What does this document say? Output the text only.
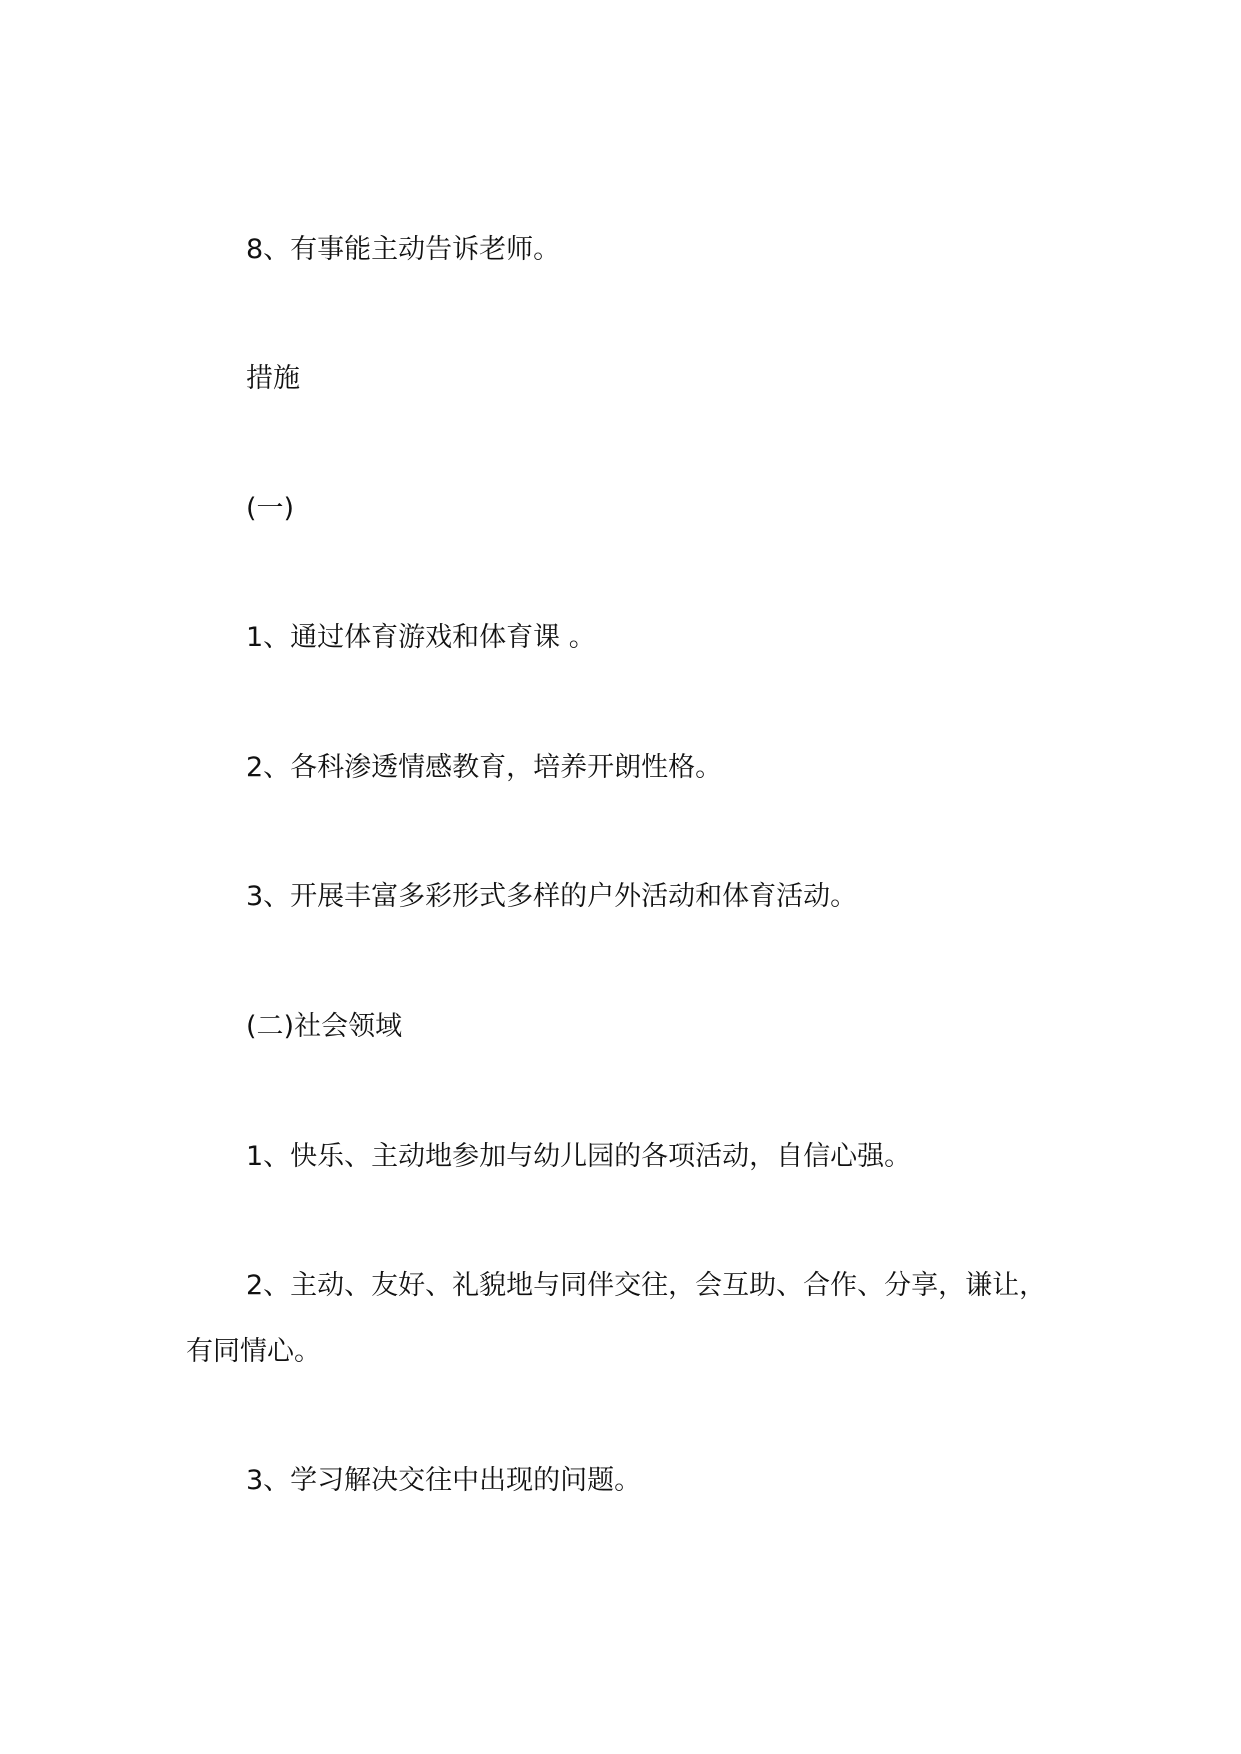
8、有事能主动告诉老师。

措施

(一)

1、通过体育游戏和体育课 。

2、各科渗透情感教育，培养开朗性格。

3、开展丰富多彩形式多样的户外活动和体育活动。

(二)社会领域

1、快乐、主动地参加与幼儿园的各项活动，自信心强。

2、主动、友好、礼貌地与同伴交往，会互助、合作、分享，谦让，有同情心。

3、学习解决交往中出现的问题。
